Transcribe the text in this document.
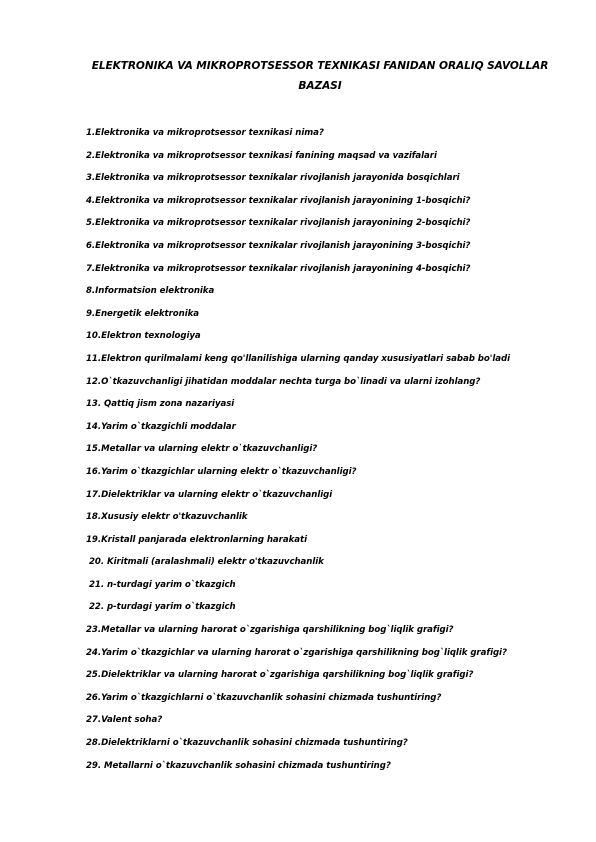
ELEKTRONIKA VA MIKROPROTSESSOR TEXNIKASI FANIDAN ORALIQ SAVOLLAR BAZASI
1.Elektronika va mikroprotsessor texnikasi nima?
2.Elektronika va mikroprotsessor texnikasi fanining maqsad va vazifalari
3.Elektronika va mikroprotsessor texnikalar rivojlanish jarayonida bosqichlari
4.Elektronika va mikroprotsessor texnikalar rivojlanish jarayonining 1-bosqichi?
5.Elektronika va mikroprotsessor texnikalar rivojlanish jarayonining 2-bosqichi?
6.Elektronika va mikroprotsessor texnikalar rivojlanish jarayonining 3-bosqichi?
7.Elektronika va mikroprotsessor texnikalar rivojlanish jarayonining 4-bosqichi?
8.Informatsion elektronika
9.Energetik elektronika
10.Elektron texnologiya
11.Elektron qurilmalami keng qo'llanilishiga ularning qanday xususiyatlari sabab bo'ladi
12.O`tkazuvchanligi jihatidan moddalar nechta turga bo`linadi va ularni izohlang?
13. Qattiq jism zona nazariyasi
14.Yarim o`tkazgichli moddalar
15.Metallar va ularning elektr o`tkazuvchanligi?
16.Yarim o`tkazgichlar ularning elektr o`tkazuvchanligi?
17.Dielektriklar va ularning elektr o`tkazuvchanligi
18.Xususiy elektr o'tkazuvchanlik
19.Kristall panjarada elektronlarning harakati
20. Kiritmali (aralashmali) elektr o'tkazuvchanlik
21. n-turdagi yarim o`tkazgich
22. p-turdagi yarim o`tkazgich
23.Metallar va ularning harorat o`zgarishiga qarshilikning bog`liqlik grafigi?
24.Yarim o`tkazgichlar va ularning harorat o`zgarishiga qarshilikning bog`liqlik grafigi?
25.Dielektriklar va ularning harorat o`zgarishiga qarshilikning bog`liqlik grafigi?
26.Yarim o`tkazgichlarni o`tkazuvchanlik sohasini chizmada tushuntiring?
27.Valent soha?
28.Dielektriklarni o`tkazuvchanlik sohasini chizmada tushuntiring?
29. Metallarni o`tkazuvchanlik sohasini chizmada tushuntiring?
